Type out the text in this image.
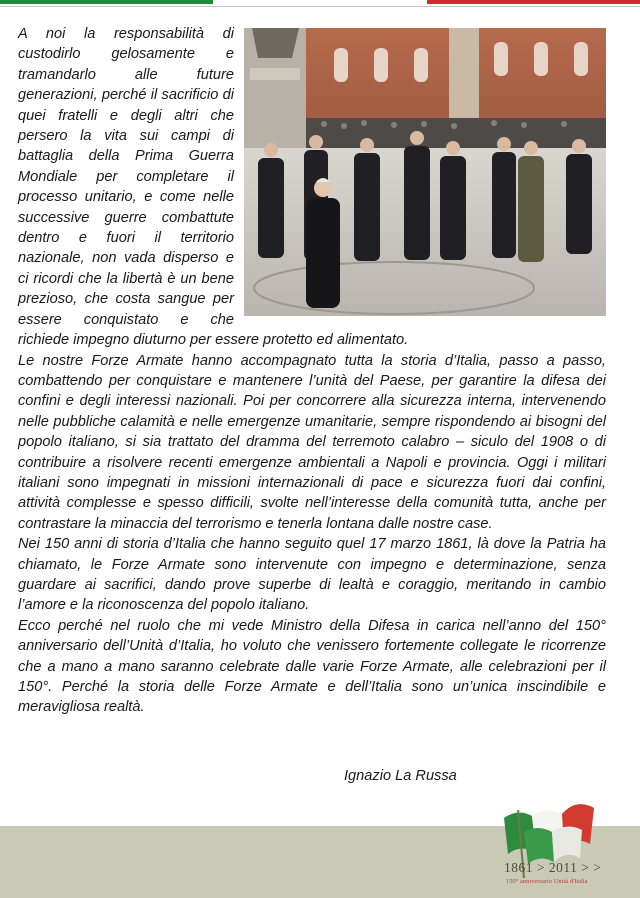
A noi la responsabilità di custodirlo gelosamente e tramandarlo alle future generazioni, perché il sacrificio di quei fratelli e degli altri che persero la vita sui campi di battaglia della Prima Guerra Mondiale per completare il processo unitario, e come nelle successive guerre combattute dentro e fuori il territorio nazionale, non vada disperso e ci ricordi che la libertà è un bene prezioso, che costa sangue per essere conquistato e che richiede impegno diuturno per essere protetto ed alimentato.

Le nostre Forze Armate hanno accompagnato tutta la storia d’Italia, passo a passo, combattendo per conquistare e mantenere l’unità del Paese, per garantire la difesa dei confini e degli interessi nazionali. Poi per concorrere alla sicurezza interna, intervenendo nelle pubbliche calamità e nelle emergenze umanitarie, sempre rispondendo ai bisogni del popolo italiano, si sia trattato del dramma del terremoto calabro – siculo del 1908 o di contribuire a risolvere recenti emergenze ambientali a Napoli e provincia. Oggi i militari italiani sono impegnati in missioni internazionali di pace e sicurezza fuori dai confini, attività complesse e spesso difficili, svolte nell’interesse della comunità tutta, anche per contrastare la minaccia del terrorismo e tenerla lontana dalle nostre case.

Nei 150 anni di storia d’Italia che hanno seguito quel 17 marzo 1861, là dove la Patria ha chiamato, le Forze Armate sono intervenute con impegno e determinazione, senza guardare ai sacrifici, dando prove superbe di lealtà e coraggio, meritando in cambio l’amore e la riconoscenza del popolo italiano.

Ecco perché nel ruolo che mi vede Ministro della Difesa in carica nell’anno del 150° anniversario dell’Unità d’Italia, ho voluto che venissero fortemente collegate le ricorrenze che a mano a mano saranno celebrate dalle varie Forze Armate, alle celebrazioni per il 150°. Perché la storia delle Forze Armate e dell’Italia sono un’unica inscindibile e meravigliosa realtà.

Ignazio La Russa
1861 > 2011 > >
150° anniversario Unità d'Italia
